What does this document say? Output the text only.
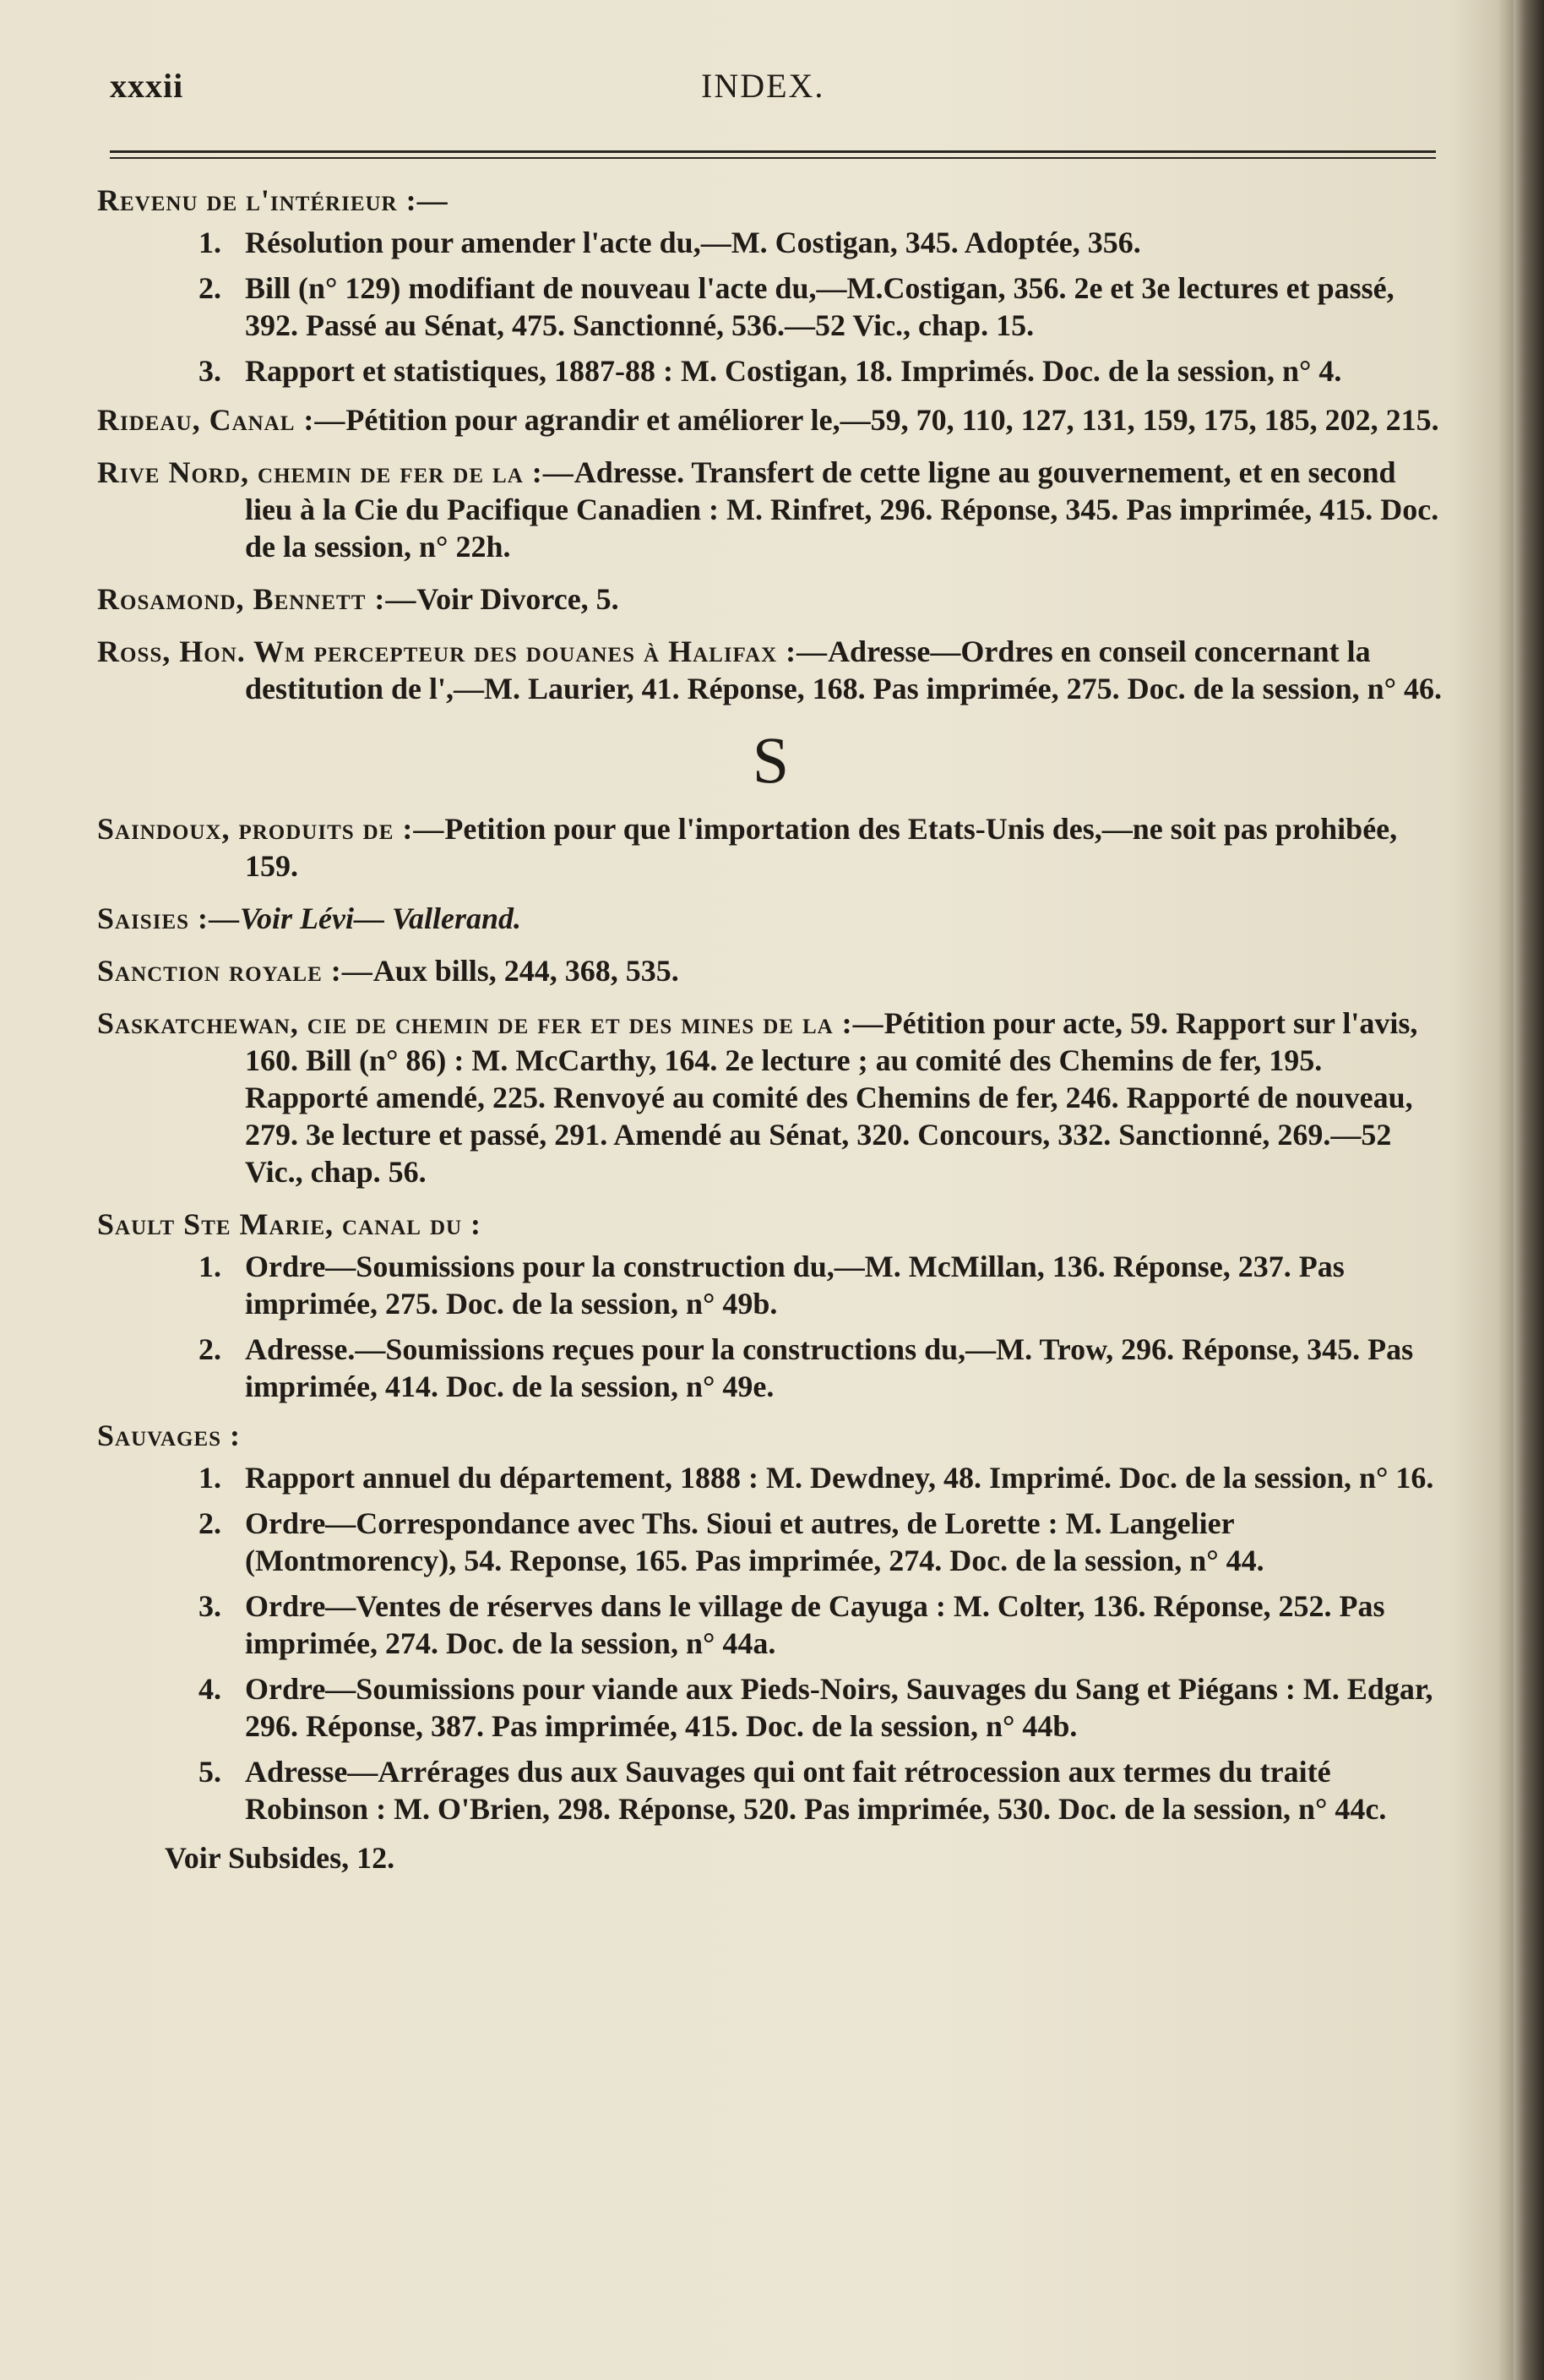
xxxii	INDEX.
Revenu de l'intérieur :—
1. Résolution pour amender l'acte du,—M. Costigan, 345. Adoptée, 356.
2. Bill (n° 129) modifiant de nouveau l'acte du,—M.Costigan, 356. 2e et 3e lectures et passé, 392. Passé au Sénat, 475. Sanctionné, 536.—52 Vic., chap. 15.
3. Rapport et statistiques, 1887-88 : M. Costigan, 18. Imprimés. Doc. de la session, n° 4.
Rideau, Canal :—Pétition pour agrandir et améliorer le,—59, 70, 110, 127, 131, 159, 175, 185, 202, 215.
Rive Nord, chemin de fer de la :—Adresse. Transfert de cette ligne au gouvernement, et en second lieu à la Cie du Pacifique Canadien : M. Rinfret, 296. Réponse, 345. Pas imprimée, 415. Doc. de la session, n° 22h.
Rosamond, Bennett :—Voir Divorce, 5.
Ross, Hon. Wm percepteur des douanes à Halifax :—Adresse—Ordres en conseil concernant la destitution de l',—M. Laurier, 41. Réponse, 168. Pas imprimée, 275. Doc. de la session, n° 46.
S
Saindoux, produits de :—Petition pour que l'importation des Etats-Unis des,—ne soit pas prohibée, 159.
Saisies :—Voir Lévi— Vallerand.
Sanction royale :—Aux bills, 244, 368, 535.
Saskatchewan, cie de chemin de fer et des mines de la :—Pétition pour acte, 59. Rapport sur l'avis, 160. Bill (n° 86) : M. McCarthy, 164. 2e lecture ; au comité des Chemins de fer, 195. Rapporté amendé, 225. Renvoyé au comité des Chemins de fer, 246. Rapporté de nouveau, 279. 3e lecture et passé, 291. Amendé au Sénat, 320. Concours, 332. Sanctionné, 269.—52 Vic., chap. 56.
Sault Ste Marie, canal du :
1. Ordre—Soumissions pour la construction du,—M. McMillan, 136. Réponse, 237. Pas imprimée, 275. Doc. de la session, n° 49b.
2. Adresse.—Soumissions reçues pour la constructions du,—M. Trow, 296. Réponse, 345. Pas imprimée, 414. Doc. de la session, n° 49e.
Sauvages :
1. Rapport annuel du département, 1888 : M. Dewdney, 48. Imprimé. Doc. de la session, n° 16.
2. Ordre—Correspondance avec Ths. Sioui et autres, de Lorette : M. Langelier (Montmorency), 54. Reponse, 165. Pas imprimée, 274. Doc. de la session, n° 44.
3. Ordre—Ventes de réserves dans le village de Cayuga : M. Colter, 136. Réponse, 252. Pas imprimée, 274. Doc. de la session, n° 44a.
4. Ordre—Soumissions pour viande aux Pieds-Noirs, Sauvages du Sang et Piégans : M. Edgar, 296. Réponse, 387. Pas imprimée, 415. Doc. de la session, n° 44b.
5. Adresse—Arrérages dus aux Sauvages qui ont fait rétrocession aux termes du traité Robinson : M. O'Brien, 298. Réponse, 520. Pas imprimée, 530. Doc. de la session, n° 44c.
Voir Subsides, 12.
